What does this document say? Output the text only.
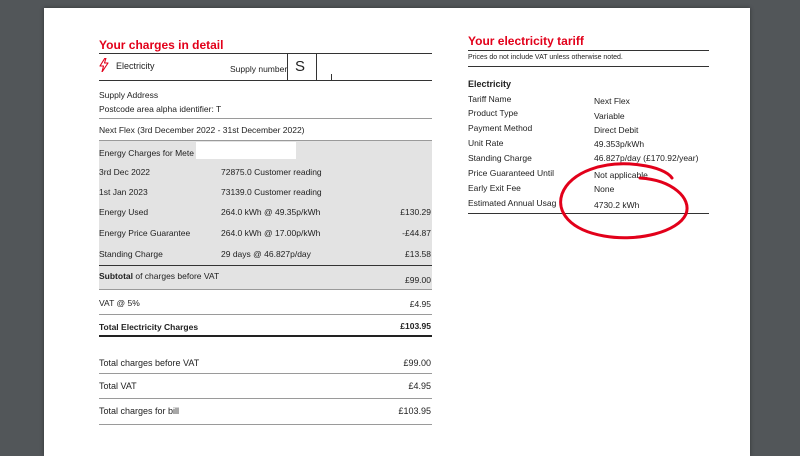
Your charges in detail
Electricity	Supply number S
Supply Address
Postcode area alpha identifier: T
Next Flex (3rd December 2022 - 31st December 2022)
Energy Charges for Mete
3rd Dec 2022	72875.0 Customer reading
1st Jan 2023	73139.0 Customer reading
Energy Used	264.0 kWh @ 49.35p/kWh	£130.29
Energy Price Guarantee	264.0 kWh @ 17.00p/kWh	-£44.87
Standing Charge	29 days @ 46.827p/day	£13.58
Subtotal of charges before VAT	£99.00
VAT @ 5%	£4.95
Total Electricity Charges	£103.95
Total charges before VAT	£99.00
Total VAT	£4.95
Total charges for bill	£103.95
Your electricity tariff
Prices do not include VAT unless otherwise noted.
Electricity
Tariff Name	Next Flex
Product Type	Variable
Payment Method	Direct Debit
Unit Rate	49.353p/kWh
Standing Charge	46.827p/day (£170.92/year)
Price Guaranteed Until	Not applicable
Early Exit Fee	None
Estimated Annual Usag	4730.2 kWh
